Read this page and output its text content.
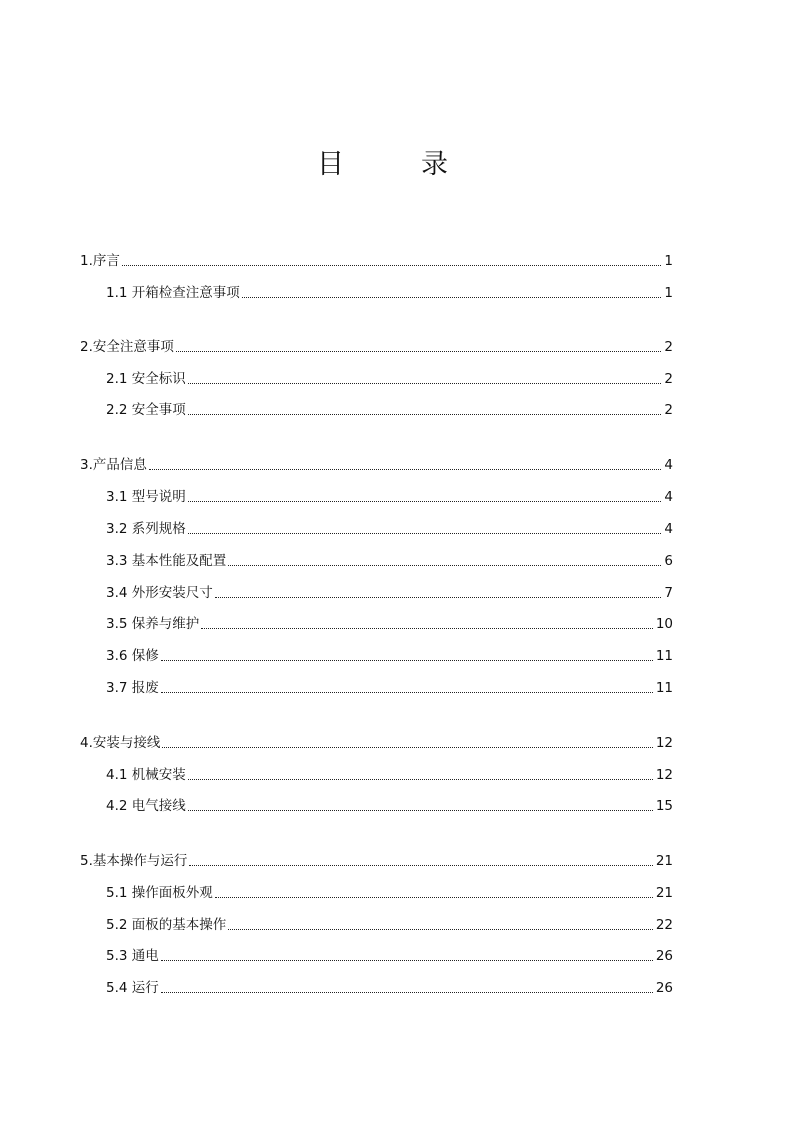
目	录
1.序言	1
1.1 开箱检查注意事项	1
2.安全注意事项	2
2.1 安全标识	2
2.2 安全事项	2
3.产品信息	4
3.1 型号说明	4
3.2 系列规格	4
3.3 基本性能及配置	6
3.4 外形安装尺寸	7
3.5 保养与维护	10
3.6 保修	11
3.7 报废	11
4.安装与接线	12
4.1 机械安装	12
4.2 电气接线	15
5.基本操作与运行	21
5.1 操作面板外观	21
5.2 面板的基本操作	22
5.3 通电	26
5.4 运行	26
